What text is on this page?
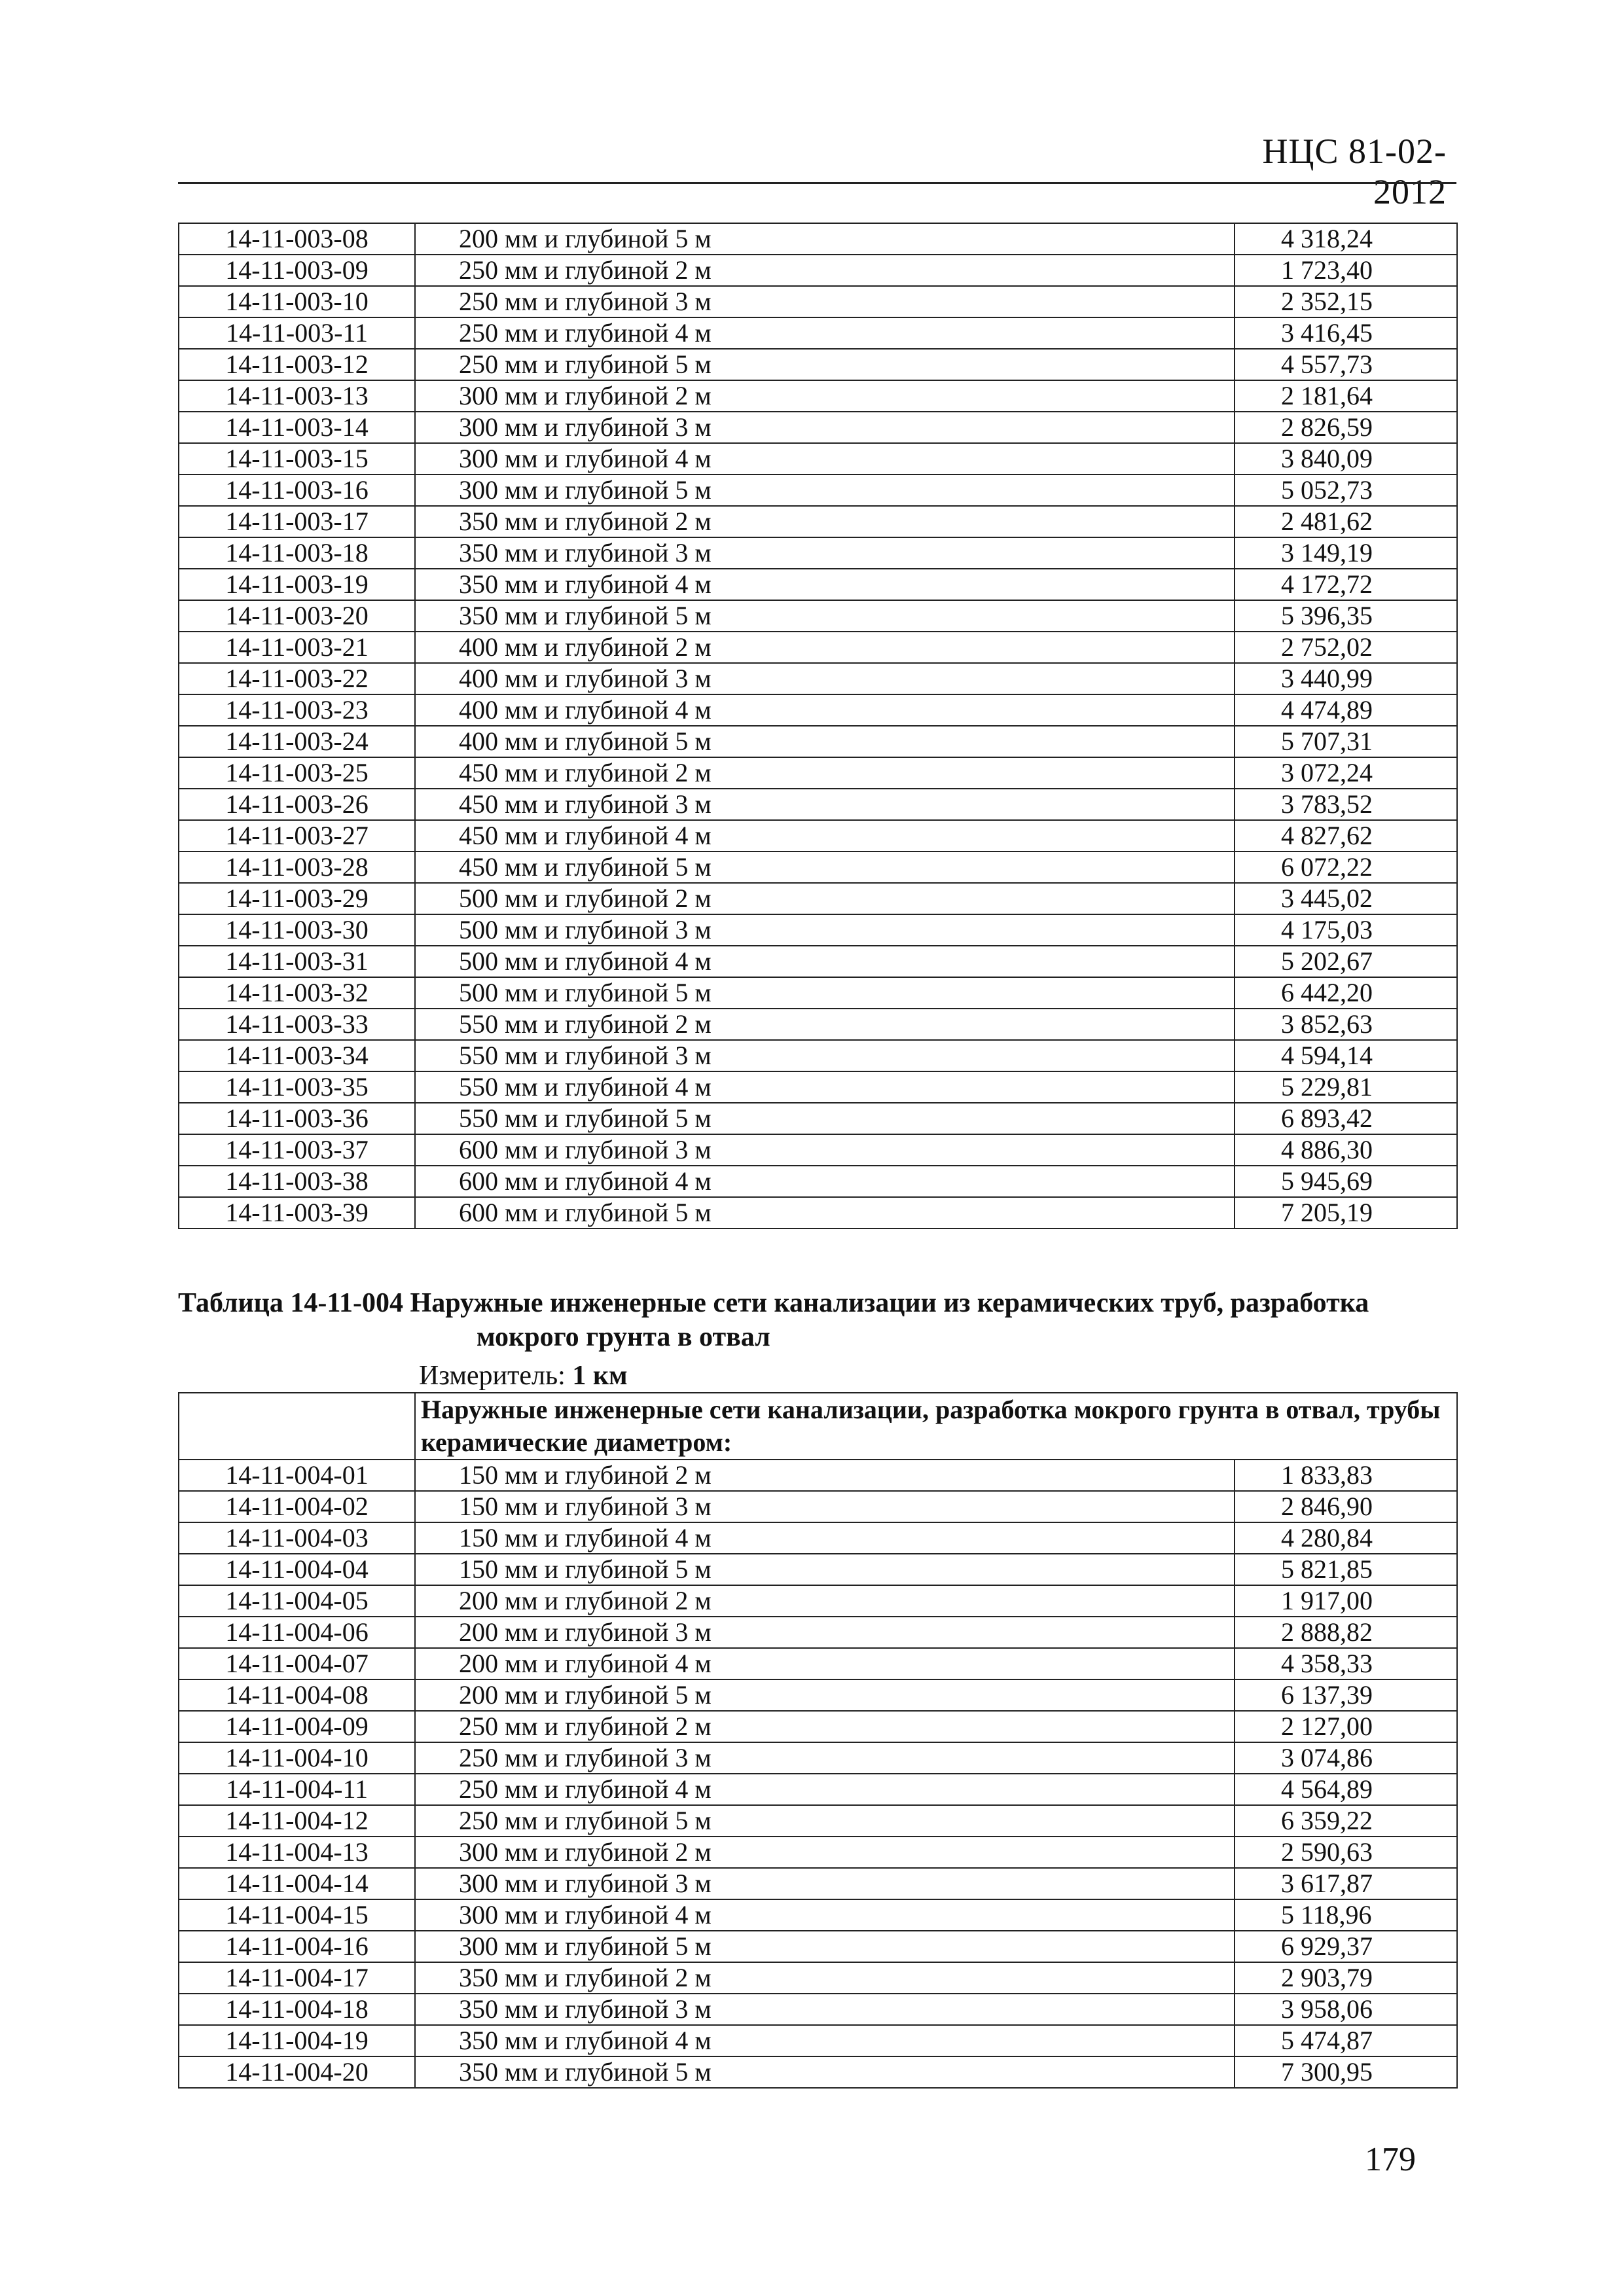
НЦС 81-02-2012
14-11-003-08	200 мм и глубиной 5 м	4 318,24
14-11-003-09	250 мм и глубиной 2 м	1 723,40
14-11-003-10	250 мм и глубиной 3 м	2 352,15
14-11-003-11	250 мм и глубиной 4 м	3 416,45
14-11-003-12	250 мм и глубиной 5 м	4 557,73
14-11-003-13	300 мм и глубиной 2 м	2 181,64
14-11-003-14	300 мм и глубиной 3 м	2 826,59
14-11-003-15	300 мм и глубиной 4 м	3 840,09
14-11-003-16	300 мм и глубиной 5 м	5 052,73
14-11-003-17	350 мм и глубиной 2 м	2 481,62
14-11-003-18	350 мм и глубиной 3 м	3 149,19
14-11-003-19	350 мм и глубиной 4 м	4 172,72
14-11-003-20	350 мм и глубиной 5 м	5 396,35
14-11-003-21	400 мм и глубиной 2 м	2 752,02
14-11-003-22	400 мм и глубиной 3 м	3 440,99
14-11-003-23	400 мм и глубиной 4 м	4 474,89
14-11-003-24	400 мм и глубиной 5 м	5 707,31
14-11-003-25	450 мм и глубиной 2 м	3 072,24
14-11-003-26	450 мм и глубиной 3 м	3 783,52
14-11-003-27	450 мм и глубиной 4 м	4 827,62
14-11-003-28	450 мм и глубиной 5 м	6 072,22
14-11-003-29	500 мм и глубиной 2 м	3 445,02
14-11-003-30	500 мм и глубиной 3 м	4 175,03
14-11-003-31	500 мм и глубиной 4 м	5 202,67
14-11-003-32	500 мм и глубиной 5 м	6 442,20
14-11-003-33	550 мм и глубиной 2 м	3 852,63
14-11-003-34	550 мм и глубиной 3 м	4 594,14
14-11-003-35	550 мм и глубиной 4 м	5 229,81
14-11-003-36	550 мм и глубиной 5 м	6 893,42
14-11-003-37	600 мм и глубиной 3 м	4 886,30
14-11-003-38	600 мм и глубиной 4 м	5 945,69
14-11-003-39	600 мм и глубиной 5 м	7 205,19
Таблица 14-11-004 Наружные инженерные сети канализации из керамических труб, разработка
мокрого грунта в отвал
Измеритель: 1 км
	Наружные инженерные сети канализации, разработка мокрого грунта в отвал, трубы керамические диаметром:	
14-11-004-01	150 мм и глубиной 2 м	1 833,83
14-11-004-02	150 мм и глубиной 3 м	2 846,90
14-11-004-03	150 мм и глубиной 4 м	4 280,84
14-11-004-04	150 мм и глубиной 5 м	5 821,85
14-11-004-05	200 мм и глубиной 2 м	1 917,00
14-11-004-06	200 мм и глубиной 3 м	2 888,82
14-11-004-07	200 мм и глубиной 4 м	4 358,33
14-11-004-08	200 мм и глубиной 5 м	6 137,39
14-11-004-09	250 мм и глубиной 2 м	2 127,00
14-11-004-10	250 мм и глубиной 3 м	3 074,86
14-11-004-11	250 мм и глубиной 4 м	4 564,89
14-11-004-12	250 мм и глубиной 5 м	6 359,22
14-11-004-13	300 мм и глубиной 2 м	2 590,63
14-11-004-14	300 мм и глубиной 3 м	3 617,87
14-11-004-15	300 мм и глубиной 4 м	5 118,96
14-11-004-16	300 мм и глубиной 5 м	6 929,37
14-11-004-17	350 мм и глубиной 2 м	2 903,79
14-11-004-18	350 мм и глубиной 3 м	3 958,06
14-11-004-19	350 мм и глубиной 4 м	5 474,87
14-11-004-20	350 мм и глубиной 5 м	7 300,95
179
